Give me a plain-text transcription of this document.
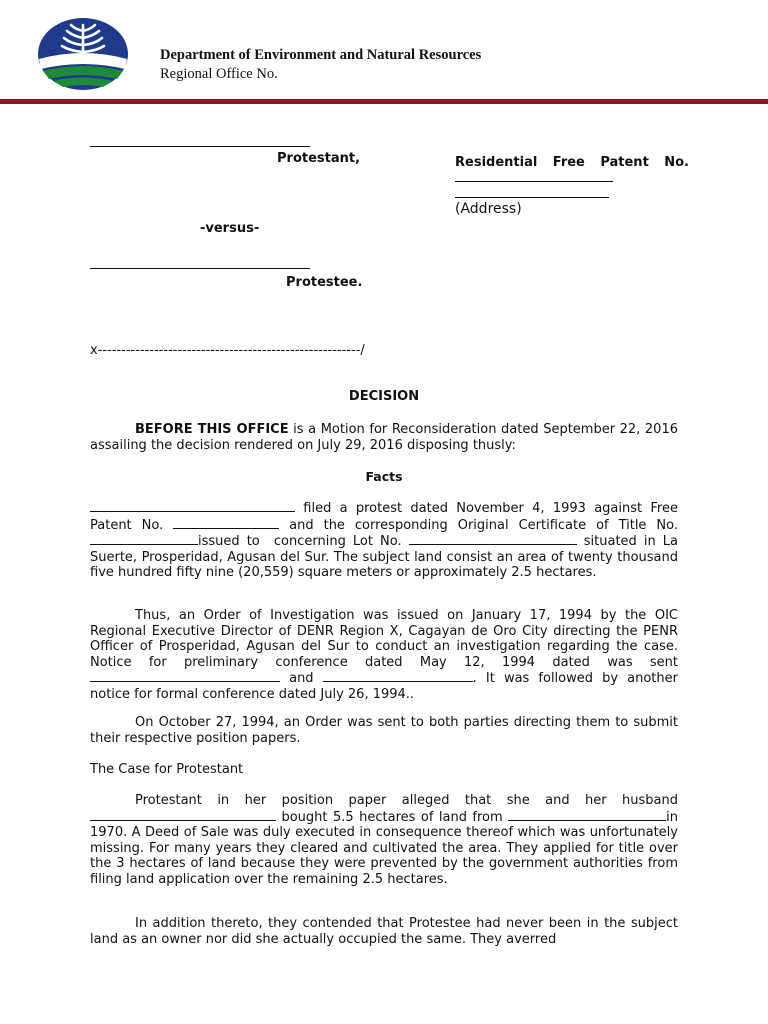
Department of Environment and Natural Resources
Regional Office No.
Protestant,	Residential Free Patent No.
(Address)
-versus-
Protestee.
x--------------------------------------------------------/
DECISION

BEFORE THIS OFFICE is a Motion for Reconsideration dated September 22, 2016 assailing the decision rendered on July 29, 2016 disposing thusly:

Facts

filed a protest dated November 4, 1993 against Free Patent No.	and the corresponding Original Certificate of Title No. issued to  concerning Lot No.	situated in La Suerte, Prosperidad, Agusan del Sur. The subject land consist an area of twenty thousand five hundred fifty nine (20,559) square meters or approximately 2.5 hectares.

Thus, an Order of Investigation was issued on January 17, 1994 by the OIC Regional Executive Director of DENR Region X, Cagayan de Oro City directing the PENR Officer of Prosperidad, Agusan del Sur to conduct an investigation regarding the case. Notice for preliminary conference dated May 12, 1994 dated was sent  and	. It was followed by another notice for formal conference dated July 26, 1994..

On October 27, 1994, an Order was sent to both parties directing them to submit their respective position papers.

The Case for Protestant

Protestant in her position paper alleged that she and her husband  bought 5.5 hectares of land from	in 1970. A Deed of Sale was duly executed in consequence thereof which was unfortunately missing. For many years they cleared and cultivated the area. They applied for title over the 3 hectares of land because they were prevented by the government authorities from filing land application over the remaining 2.5 hectares.

In addition thereto, they contended that Protestee had never been in the subject land as an owner nor did she actually occupied the same. They averred
